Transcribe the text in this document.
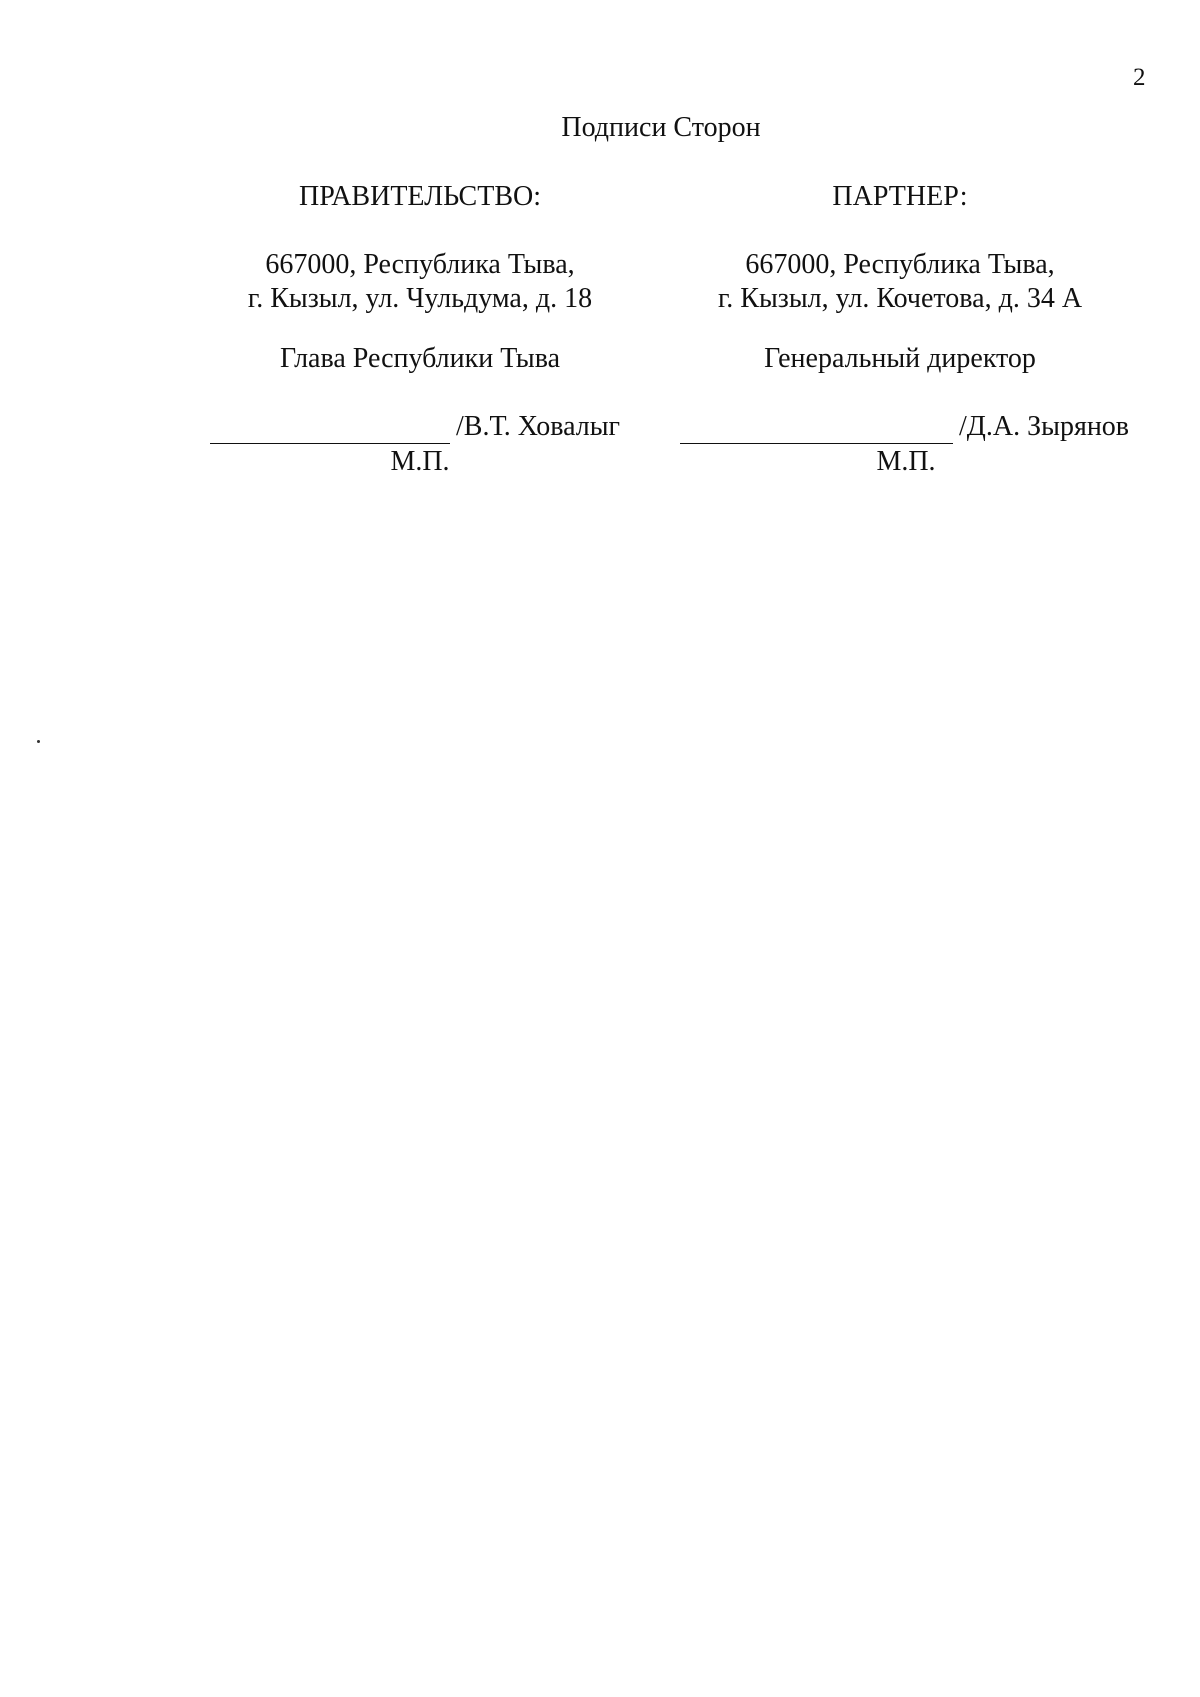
2
Подписи Сторон
ПРАВИТЕЛЬСТВО:
667000, Республика Тыва,
г. Кызыл, ул. Чульдума, д. 18
Глава Республики Тыва
ПАРТНЕР:
667000, Республика Тыва,
г. Кызыл, ул. Кочетова, д. 34 А
Генеральный директор
/В.Т. Ховалыг	/Д.А. Зырянов
М.П.	М.П.
